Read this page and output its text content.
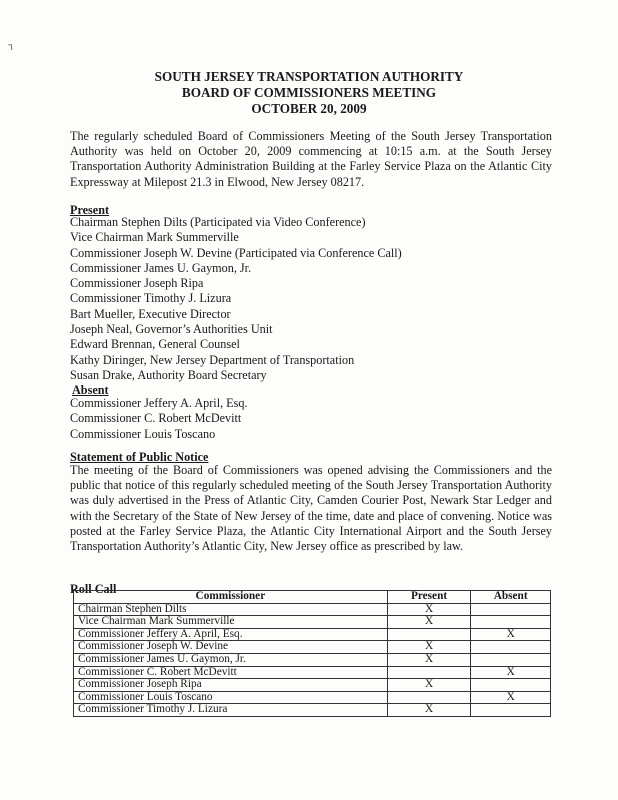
٦
SOUTH JERSEY TRANSPORTATION AUTHORITY
BOARD OF COMMISSIONERS MEETING
OCTOBER 20, 2009
The regularly scheduled Board of Commissioners Meeting of the South Jersey Transportation Authority was held on October 20, 2009 commencing at 10:15 a.m. at the South Jersey Transportation Authority Administration Building at the Farley Service Plaza on the Atlantic City Expressway at Milepost 21.3 in Elwood, New Jersey 08217.
Present
Chairman Stephen Dilts (Participated via Video Conference)
Vice Chairman Mark Summerville
Commissioner Joseph W. Devine (Participated via Conference Call)
Commissioner James U. Gaymon, Jr.
Commissioner Joseph Ripa
Commissioner Timothy J. Lizura
Bart Mueller, Executive Director
Joseph Neal, Governor’s Authorities Unit
Edward Brennan, General Counsel
Kathy Diringer, New Jersey Department of Transportation
Susan Drake, Authority Board Secretary
Absent
Commissioner Jeffery A. April, Esq.
Commissioner C. Robert McDevitt
Commissioner Louis Toscano
Statement of Public Notice
The meeting of the Board of Commissioners was opened advising the Commissioners and the public that notice of this regularly scheduled meeting of the South Jersey Transportation Authority was duly advertised in the Press of Atlantic City, Camden Courier Post, Newark Star Ledger and with the Secretary of the State of New Jersey of the time, date and place of convening. Notice was posted at the Farley Service Plaza, the Atlantic City International Airport and the South Jersey Transportation Authority’s Atlantic City, New Jersey office as prescribed by law.
Roll Call	Commissioner	Present	Absent
Chairman Stephen Dilts	X	
Vice Chairman Mark Summerville	X	
Commissioner Jeffery A. April, Esq.		X
Commissioner Joseph W. Devine	X	
Commissioner James U. Gaymon, Jr.	X	
Commissioner C. Robert McDevitt		X
Commissioner Joseph Ripa	X	
Commissioner Louis Toscano		X
Commissioner Timothy J. Lizura	X	
